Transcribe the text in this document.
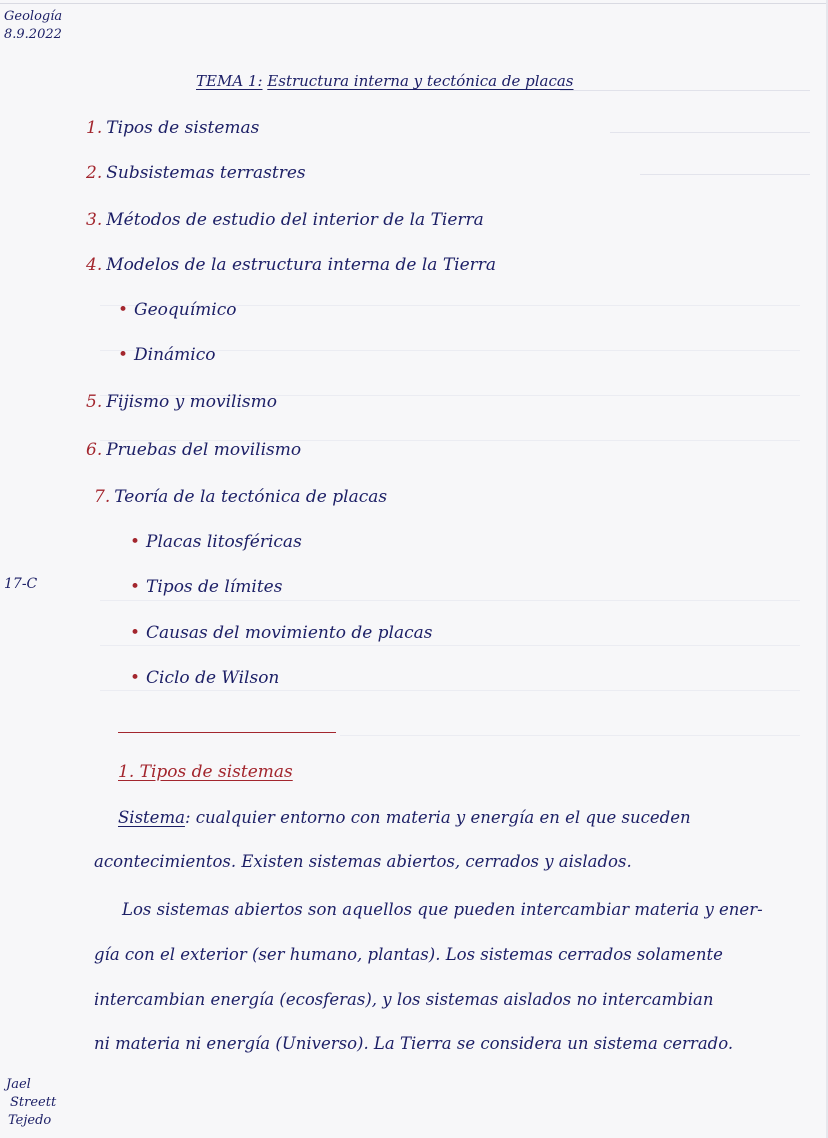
Geología
8.9.2022
TEMA 1: Estructura interna y tectónica de placas
1. Tipos de sistemas
2. Subsistemas terrastres
3. Métodos de estudio del interior de la Tierra
4. Modelos de la estructura interna de la Tierra
• Geoquímico
• Dinámico
5. Fijismo y movilismo
6. Pruebas del movilismo
7. Teoría de la tectónica de placas
• Placas litosféricas
• Tipos de límites
• Causas del movimiento de placas
• Ciclo de Wilson
17-C
1. Tipos de sistemas
Sistema: cualquier entorno con materia y energía en el que suceden
acontecimientos. Existen sistemas abiertos, cerrados y aislados.
Los sistemas abiertos son aquellos que pueden intercambiar materia y ener-
gía con el exterior (ser humano, plantas). Los sistemas cerrados solamente
intercambian energía (ecosferas), y los sistemas aislados no intercambian
ni materia ni energía (Universo). La Tierra se considera un sistema cerrado.
Jael
Streett
Tejedo
